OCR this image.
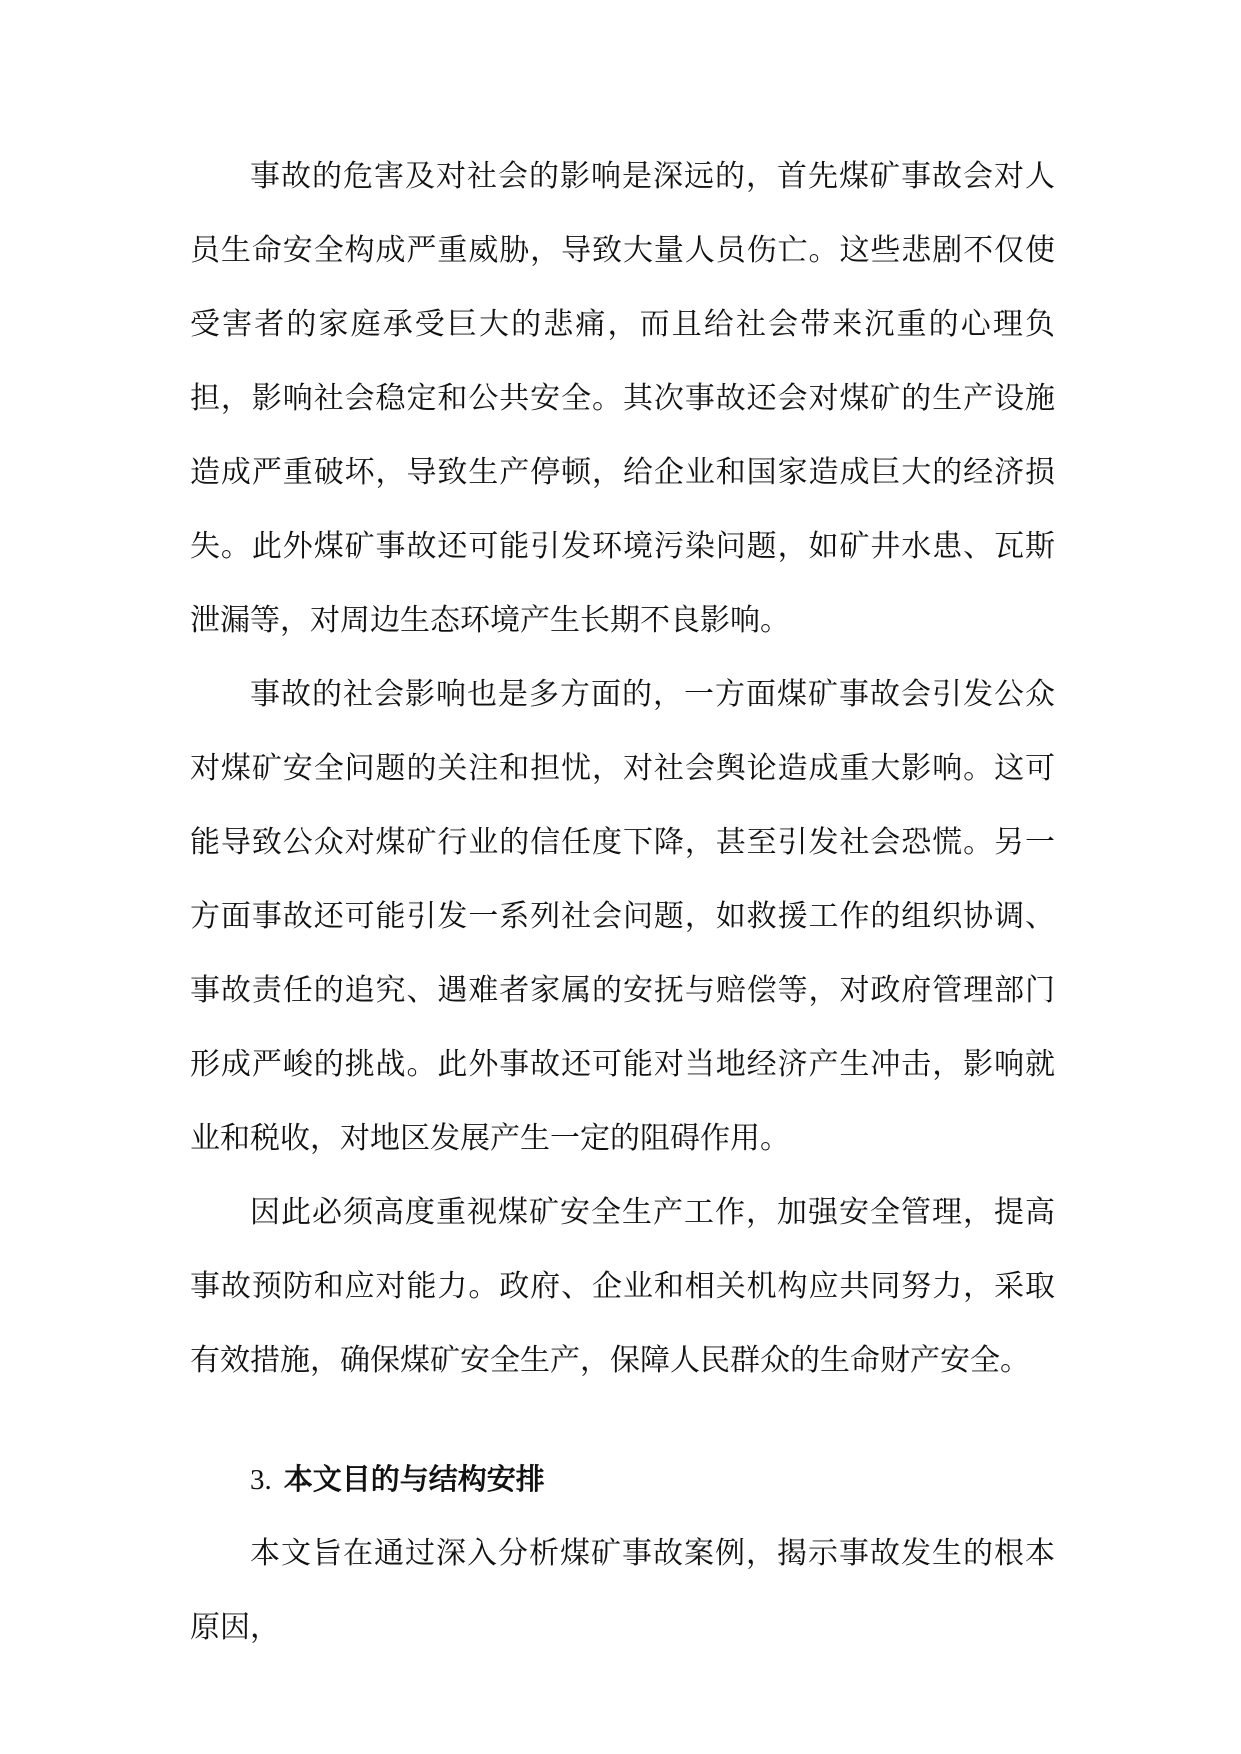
事故的危害及对社会的影响是深远的，首先煤矿事故会对人员生命安全构成严重威胁，导致大量人员伤亡。这些悲剧不仅使受害者的家庭承受巨大的悲痛，而且给社会带来沉重的心理负担，影响社会稳定和公共安全。其次事故还会对煤矿的生产设施造成严重破坏，导致生产停顿，给企业和国家造成巨大的经济损失。此外煤矿事故还可能引发环境污染问题，如矿井水患、瓦斯泄漏等，对周边生态环境产生长期不良影响。

事故的社会影响也是多方面的，一方面煤矿事故会引发公众对煤矿安全问题的关注和担忧，对社会舆论造成重大影响。这可能导致公众对煤矿行业的信任度下降，甚至引发社会恐慌。另一方面事故还可能引发一系列社会问题，如救援工作的组织协调、事故责任的追究、遇难者家属的安抚与赔偿等，对政府管理部门形成严峻的挑战。此外事故还可能对当地经济产生冲击，影响就业和税收，对地区发展产生一定的阻碍作用。

因此必须高度重视煤矿安全生产工作，加强安全管理，提高事故预防和应对能力。政府、企业和相关机构应共同努力，采取有效措施，确保煤矿安全生产，保障人民群众的生命财产安全。

3. 本文目的与结构安排

本文旨在通过深入分析煤矿事故案例，揭示事故发生的根本原因，
